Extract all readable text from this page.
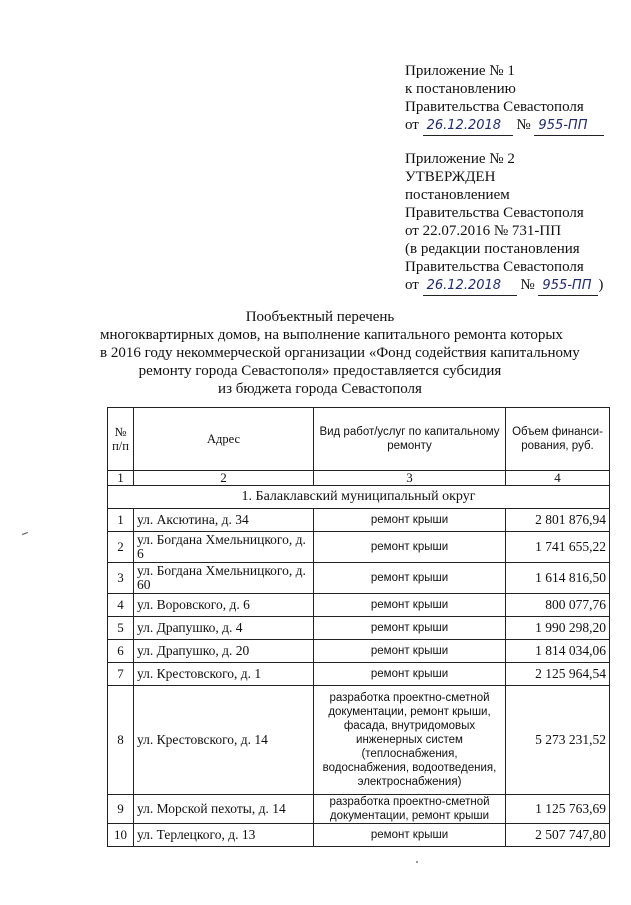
Приложение № 1
к постановлению
Правительства Севастополя
от 26.12.2018 № 955-ПП
Приложение № 2
УТВЕРЖДЕН
постановлением
Правительства Севастополя
от 22.07.2016 № 731-ПП
(в редакции постановления
Правительства Севастополя
от 26.12.2018 № 955-ПП )
Пообъектный перечень
многоквартирных домов, на выполнение капитального ремонта которых
в 2016 году некоммерческой организации «Фонд содействия капитальному
ремонту города Севастополя» предоставляется субсидия
из бюджета города Севастополя
№ п/п	Адрес	Вид работ/услуг по капитальному ремонту	Объем финанси-рования, руб.
1	2	3	4
1. Балаклавский муниципальный округ			
1	ул. Аксютина, д. 34	ремонт крыши	2 801 876,94
2	ул. Богдана Хмельницкого, д. 6	ремонт крыши	1 741 655,22
3	ул. Богдана Хмельницкого, д. 60	ремонт крыши	1 614 816,50
4	ул. Воровского, д. 6	ремонт крыши	800 077,76
5	ул. Драпушко, д. 4	ремонт крыши	1 990 298,20
6	ул. Драпушко, д. 20	ремонт крыши	1 814 034,06
7	ул. Крестовского, д. 1	ремонт крыши	2 125 964,54
8	ул. Крестовского, д. 14	разработка проектно-сметной документации, ремонт крыши, фасада, внутридомовых инженерных систем (теплоснабжения, водоснабжения, водоотведения, электроснабжения)	5 273 231,52
9	ул. Морской пехоты, д. 14	разработка проектно-сметной документации, ремонт крыши	1 125 763,69
10	ул. Терлецкого, д. 13	ремонт крыши	2 507 747,80
